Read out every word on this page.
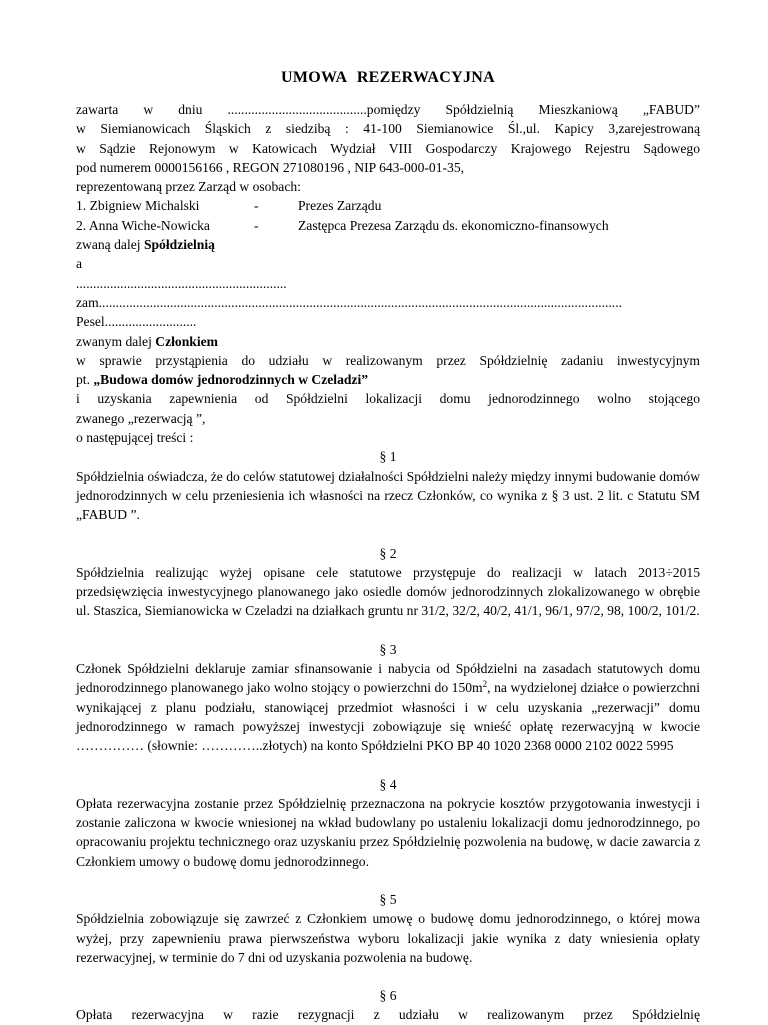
UMOWA REZERWACYJNA

zawarta w dniu .........................................pomiędzy Spółdzielnią Mieszkaniową „FABUD”

w Siemianowicach Śląskich z siedzibą : 41-100 Siemianowice Śl.,ul. Kapicy 3,zarejestrowaną

w Sądzie Rejonowym w Katowicach Wydział VIII Gospodarczy Krajowego Rejestru Sądowego

pod numerem 0000156166 , REGON 271080196 , NIP 643-000-01-35,

reprezentowaną przez Zarząd w osobach:

1. Zbigniew Michalski	-	Prezes Zarządu
2. Anna Wiche-Nowicka	-	Zastępca Prezesa Zarządu ds. ekonomiczno-finansowych

zwaną dalej Spółdzielnią

a

..............................................................

zam..........................................................................................................................................................

Pesel...........................

zwanym dalej Członkiem

w sprawie przystąpienia do udziału w realizowanym przez Spółdzielnię zadaniu inwestycyjnym

pt. „Budowa domów jednorodzinnych w Czeladzi”

i uzyskania zapewnienia od Spółdzielni lokalizacji domu jednorodzinnego wolno stojącego

zwanego „rezerwacją ”,

o następującej treści :

§ 1

Spółdzielnia oświadcza, że do celów statutowej działalności Spółdzielni należy między innymi budowanie domów jednorodzinnych w celu przeniesienia ich własności na rzecz Członków, co wynika z § 3 ust. 2 lit. c Statutu SM „FABUD ”.

§ 2

Spółdzielnia realizując wyżej opisane cele statutowe przystępuje do realizacji w latach 2013÷2015 przedsięwzięcia inwestycyjnego planowanego jako osiedle domów jednorodzinnych zlokalizowanego w obrębie ul. Staszica, Siemianowicka w Czeladzi na działkach gruntu nr 31/2, 32/2, 40/2, 41/1, 96/1, 97/2, 98, 100/2, 101/2.

§ 3

Członek Spółdzielni deklaruje zamiar sfinansowanie i nabycia od Spółdzielni na zasadach statutowych domu jednorodzinnego planowanego jako wolno stojący o powierzchni do $150m^2$, na wydzielonej działce o powierzchni wynikającej z planu podziału, stanowiącej przedmiot własności i w celu uzyskania „rezerwacji” domu jednorodzinnego w ramach powyższej inwestycji zobowiązuje się wnieść opłatę rezerwacyjną w kwocie …………… (słownie: …………..złotych) na konto Spółdzielni PKO BP 40 1020 2368 0000 2102 0022 5995

§ 4

Opłata rezerwacyjna zostanie przez Spółdzielnię przeznaczona na pokrycie kosztów przygotowania inwestycji i zostanie zaliczona w kwocie wniesionej na wkład budowlany po ustaleniu lokalizacji domu jednorodzinnego, po opracowaniu projektu technicznego oraz uzyskaniu przez Spółdzielnię pozwolenia na budowę, w dacie zawarcia z Członkiem umowy o budowę domu jednorodzinnego.

§ 5

Spółdzielnia zobowiązuje się zawrzeć z Członkiem umowę o budowę domu jednorodzinnego, o której mowa wyżej, przy zapewnieniu prawa pierwszeństwa wyboru lokalizacji jakie wynika z daty wniesienia opłaty rezerwacyjnej, w terminie do 7 dni od uzyskania pozwolenia na budowę.

§ 6

Opłata rezerwacyjna w razie rezygnacji z udziału w realizowanym przez Spółdzielnię
